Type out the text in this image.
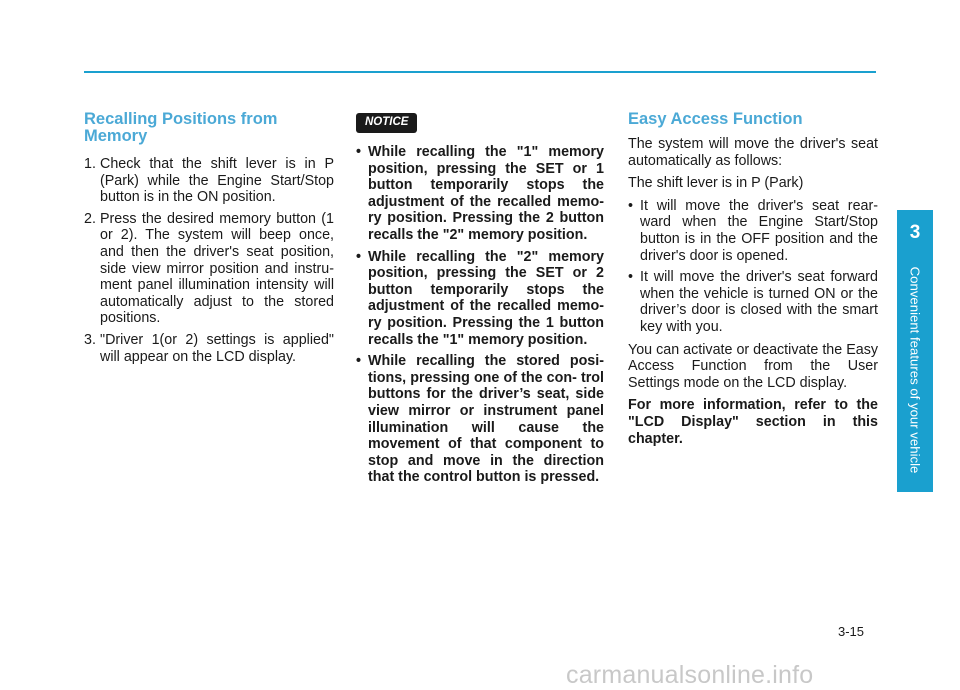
Recalling Positions from Memory
1. Check that the shift lever is in P (Park) while the Engine Start/Stop button is in the ON position.
2. Press the desired memory button (1 or 2). The system will beep once, and then the driver's seat position, side view mirror position and instru- ment panel illumination intensity will automatically adjust to the stored positions.
3. "Driver 1(or 2) settings is applied" will appear on the LCD display.
NOTICE
• While recalling the "1" memory position, pressing the SET or 1 button temporarily stops the adjustment of the recalled memo- ry position. Pressing the 2 button recalls the "2" memory position.
• While recalling the "2" memory position, pressing the SET or 2 button temporarily stops the adjustment of the recalled memo- ry position. Pressing the 1 button recalls the "1" memory position.
• While recalling the stored posi- tions, pressing one of the con- trol buttons for the driver’s seat, side view mirror or instrument panel illumination will cause the movement of that component to stop and move in the direction that the control button is pressed.
Easy Access Function

The system will move the driver's seat automatically as follows:

The shift lever is in P (Park)

• It will move the driver's seat rear- ward when the Engine Start/Stop button is in the OFF position and the driver's door is opened.
• It will move the driver's seat forward when the vehicle is turned ON or the driver’s door is closed with the smart key with you.

You can activate or deactivate the Easy Access Function from the User Settings mode on the LCD display.

For more information, refer to the "LCD Display" section in this chapter.

3
Convenient features of your vehicle
3-15
carmanualsonline.info
